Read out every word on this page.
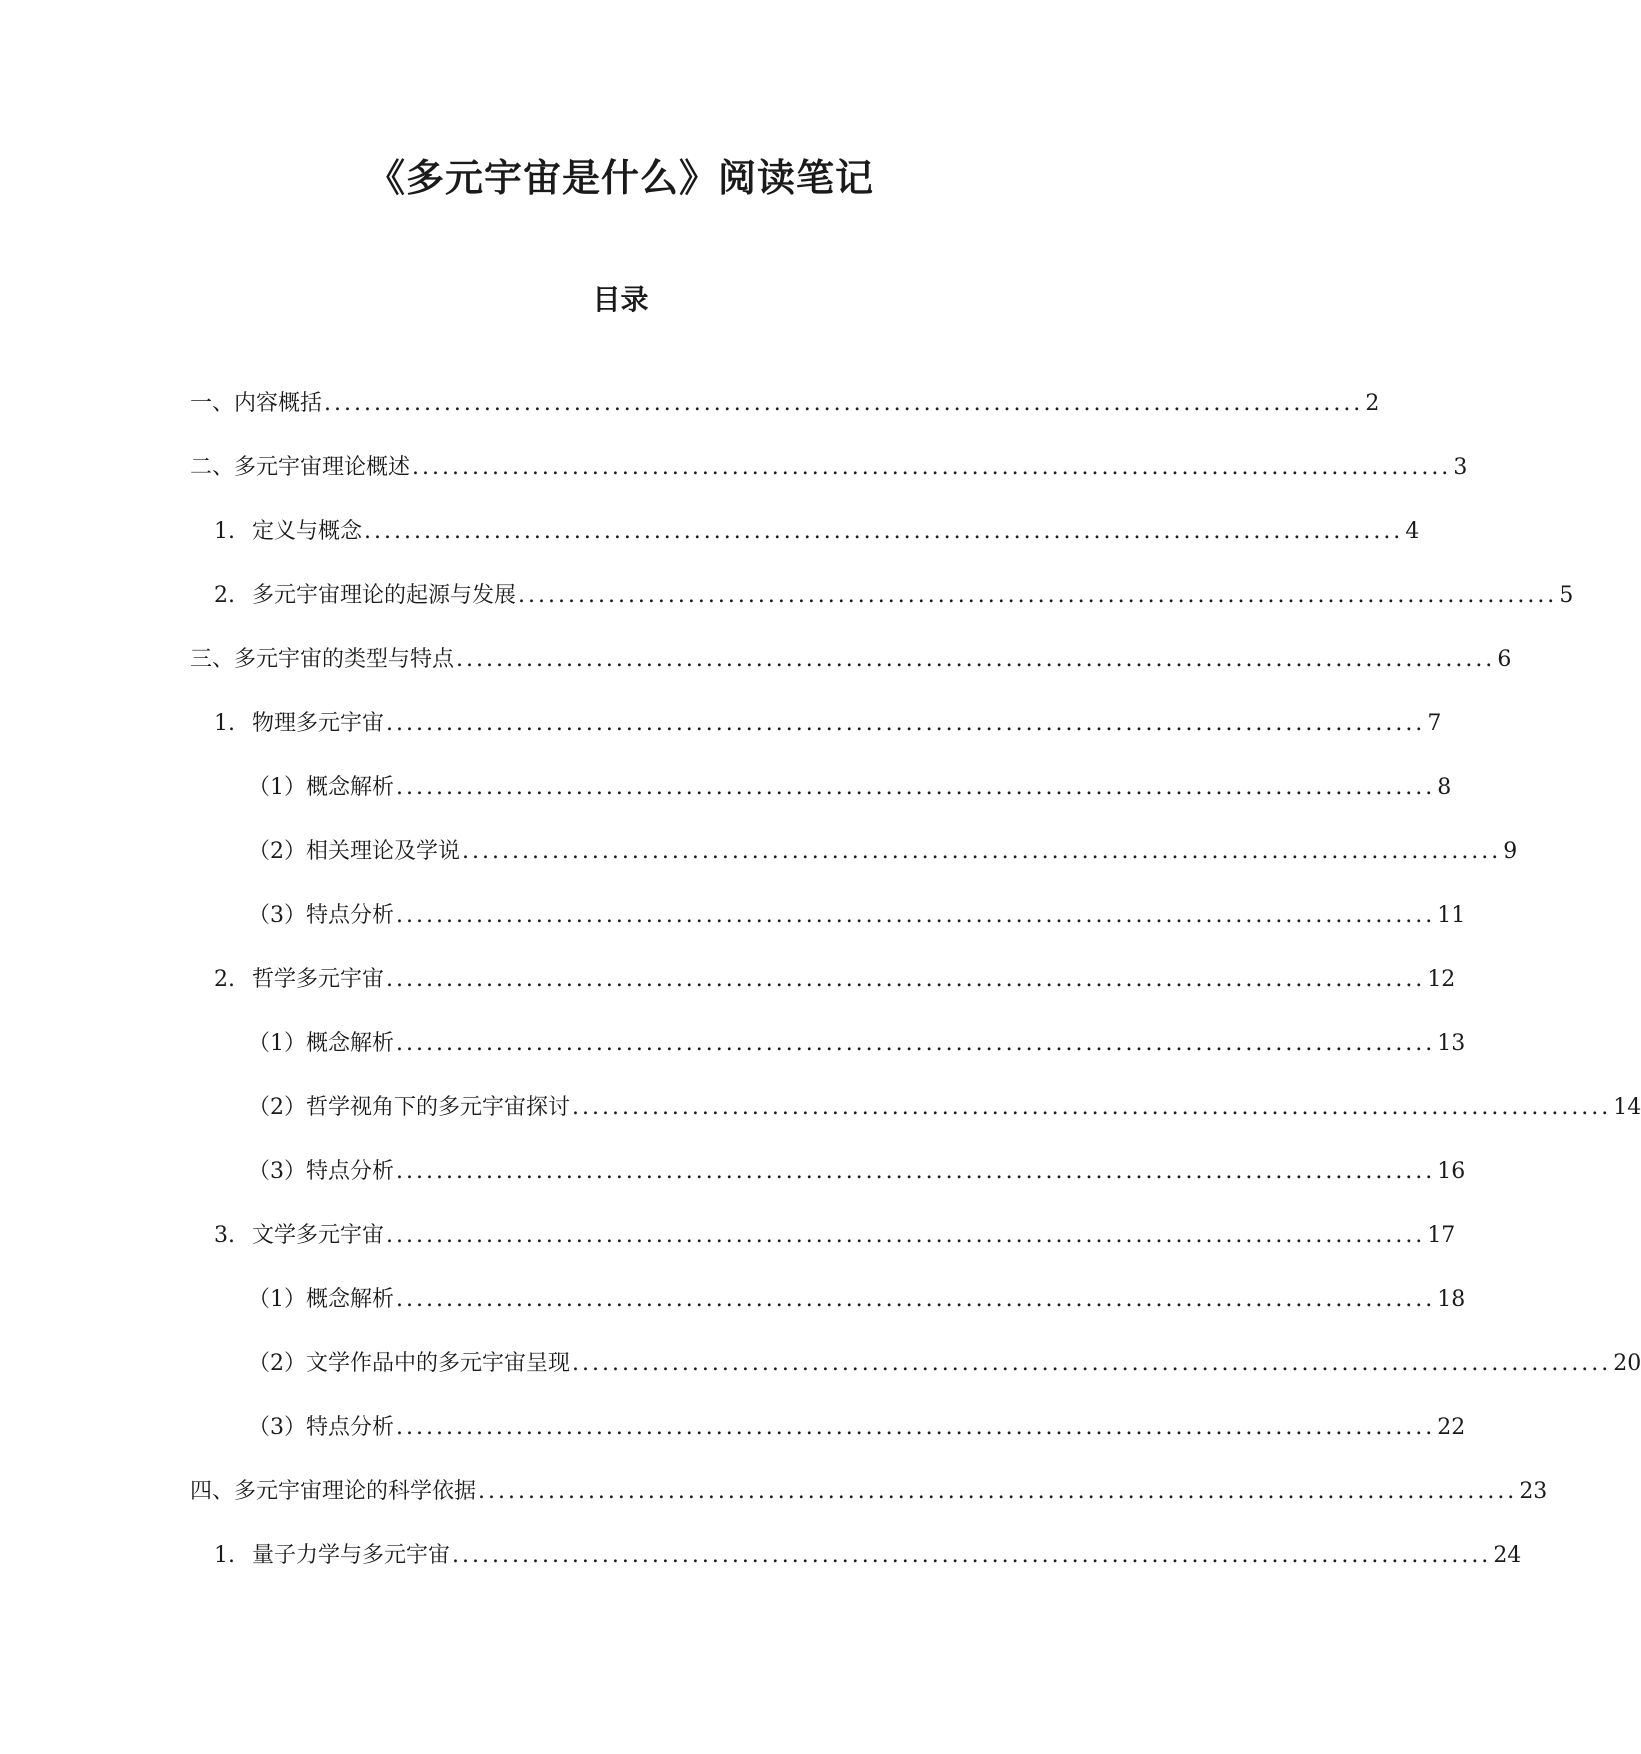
《多元宇宙是什么》阅读笔记
目录
一、内容概括 ........................................................................................................ 2
二、多元宇宙理论概述 ........................................................................................................ 3
1. 定义与概念 ........................................................................................................ 4
2. 多元宇宙理论的起源与发展 ........................................................................................................ 5
三、多元宇宙的类型与特点 ........................................................................................................ 6
1. 物理多元宇宙 ........................................................................................................ 7
（1）概念解析 ........................................................................................................ 8
（2）相关理论及学说 ........................................................................................................ 9
（3）特点分析 ........................................................................................................ 11
2. 哲学多元宇宙 ........................................................................................................ 12
（1）概念解析 ........................................................................................................ 13
（2）哲学视角下的多元宇宙探讨 ........................................................................................................ 14
（3）特点分析 ........................................................................................................ 16
3. 文学多元宇宙 ........................................................................................................ 17
（1）概念解析 ........................................................................................................ 18
（2）文学作品中的多元宇宙呈现 ........................................................................................................ 20
（3）特点分析 ........................................................................................................ 22
四、多元宇宙理论的科学依据 ........................................................................................................ 23
1. 量子力学与多元宇宙 ........................................................................................................ 24
